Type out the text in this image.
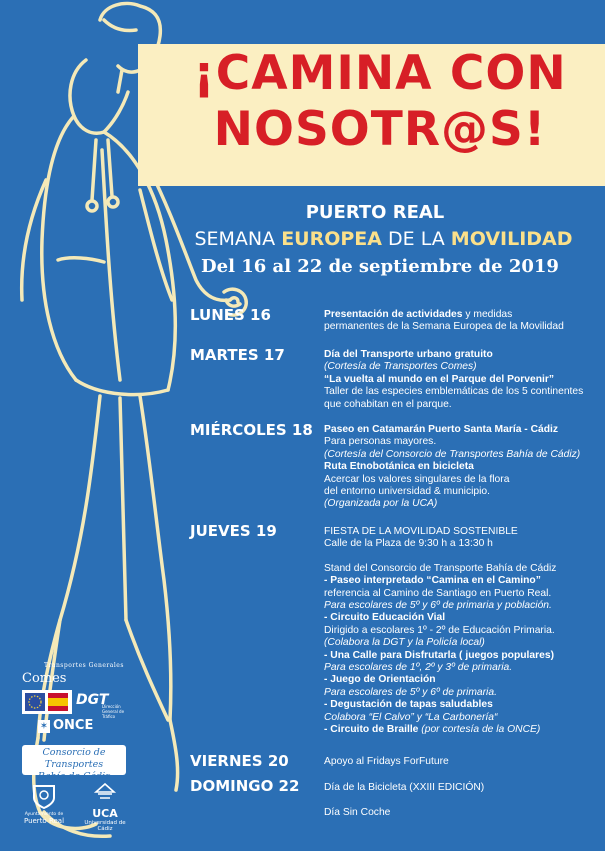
¡CAMINA CON
NOSOTR@S!
PUERTO REAL
SEMANA EUROPEA DE LA MOVILIDAD
Del 16 al 22 de septiembre de 2019
LUNES 16	Presentación de actividades y medidas
permanentes de la Semana Europea de la Movilidad
MARTES 17	Día del Transporte urbano gratuito
(Cortesía de Transportes Comes)
“La vuelta al mundo en el Parque del Porvenir”
Taller de las especies emblemáticas de los 5 continentes
que cohabitan en el parque.
MIÉRCOLES 18 Paseo en Catamarán Puerto Santa María - Cádiz
Para personas mayores.
(Cortesía del Consorcio de Transportes Bahía de Cádiz)
Ruta Etnobotánica en bicicleta
Acercar los valores singulares de la flora
del entorno universidad & municipio.
(Organizada por la UCA)
JUEVES 19	FIESTA DE LA MOVILIDAD SOSTENIBLE
Calle de la Plaza de 9:30 h a 13:30 h
Stand del Consorcio de Transporte Bahía de Cádiz
- Paseo interpretado “Camina en el Camino”
referencia al Camino de Santiago en Puerto Real.
Para escolares de 5º y 6º de primaria y población.
- Circuito Educación Vial
Dirigido a escolares 1º - 2º de Educación Primaria.
(Colabora la DGT y la Policía local)
- Una Calle para Disfrutarla ( juegos populares)
Para escolares de 1º, 2º y 3º de primaria.
- Juego de Orientación
Para escolares de 5º y 6º de primaria.
- Degustación de tapas saludables
Colabora “El Calvo” y “La Carbonería“
- Circuito de Braille (por cortesía de la ONCE)
VIERNES 20	Apoyo al Fridays ForFuture
DOMINGO 22 Día de la Bicicleta (XXIII EDICIÓN)
Día Sin Coche
Transportes Generales
Comes
DGT
Dirección General de Tráfico
✶ ONCE
Consorcio de Transportes
Bahía de Cádiz
Ayuntamiento de
Puerto Real
UCA
Universidad de Cádiz
